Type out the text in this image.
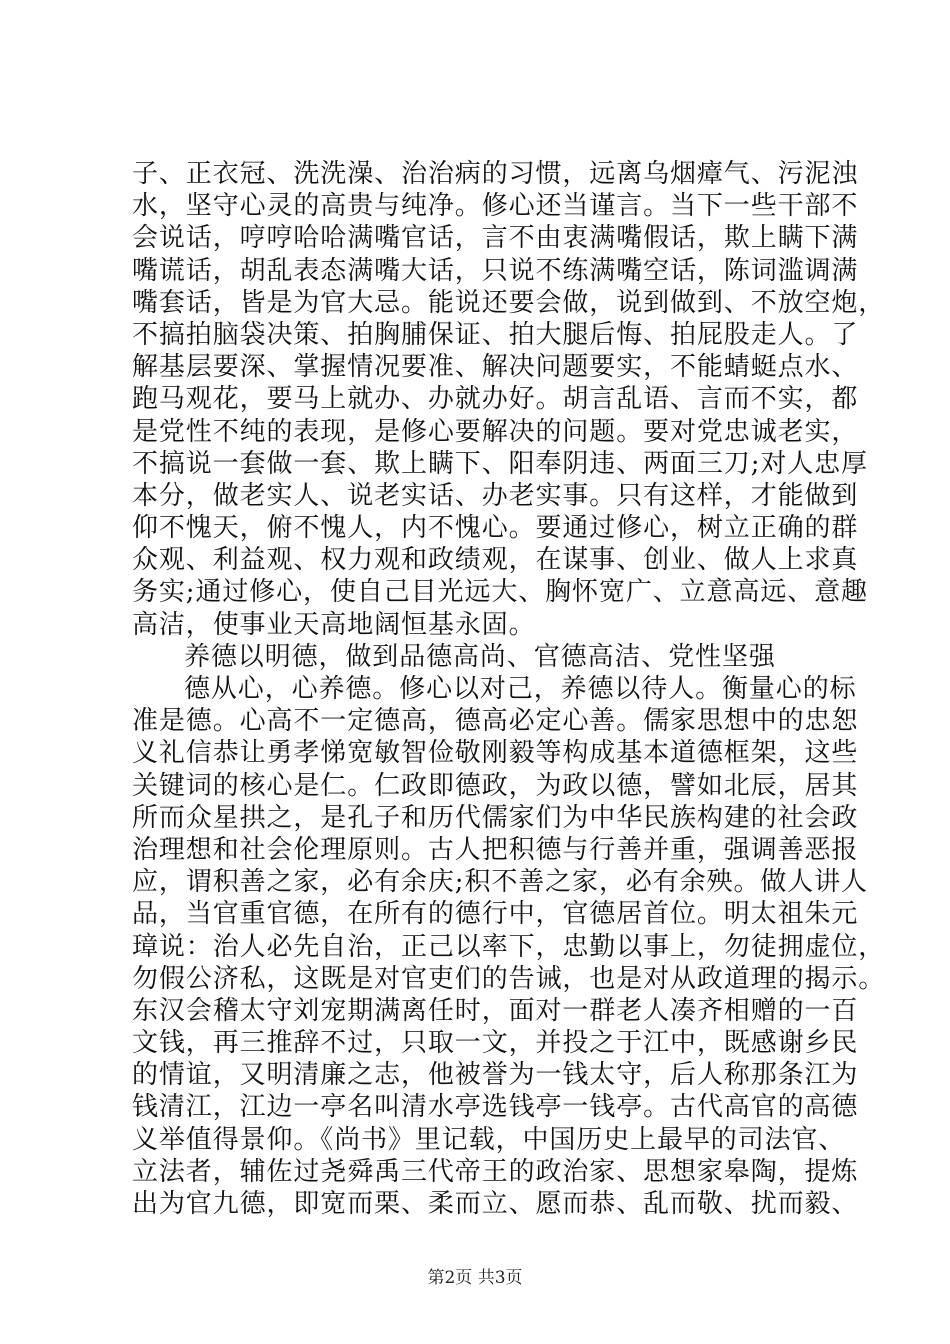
子、正衣冠、洗洗澡、治治病的习惯，远离乌烟瘴气、污泥浊
水，坚守心灵的高贵与纯净。修心还当谨言。当下一些干部不
会说话，哼哼哈哈满嘴官话，言不由衷满嘴假话，欺上瞒下满
嘴谎话，胡乱表态满嘴大话，只说不练满嘴空话，陈词滥调满
嘴套话，皆是为官大忌。能说还要会做，说到做到、不放空炮，
不搞拍脑袋决策、拍胸脯保证、拍大腿后悔、拍屁股走人。了
解基层要深、掌握情况要准、解决问题要实，不能蜻蜓点水、
跑马观花，要马上就办、办就办好。胡言乱语、言而不实，都
是党性不纯的表现，是修心要解决的问题。要对党忠诚老实，
不搞说一套做一套、欺上瞒下、阳奉阴违、两面三刀;对人忠厚
本分，做老实人、说老实话、办老实事。只有这样，才能做到
仰不愧天，俯不愧人，内不愧心。要通过修心，树立正确的群
众观、利益观、权力观和政绩观，在谋事、创业、做人上求真
务实;通过修心，使自己目光远大、胸怀宽广、立意高远、意趣
高洁，使事业天高地阔恒基永固。
养德以明德，做到品德高尚、官德高洁、党性坚强
德从心，心养德。修心以对己，养德以待人。衡量心的标
准是德。心高不一定德高，德高必定心善。儒家思想中的忠恕
义礼信恭让勇孝悌宽敏智俭敬刚毅等构成基本道德框架，这些
关键词的核心是仁。仁政即德政，为政以德，譬如北辰，居其
所而众星拱之，是孔子和历代儒家们为中华民族构建的社会政
治理想和社会伦理原则。古人把积德与行善并重，强调善恶报
应，谓积善之家，必有余庆;积不善之家，必有余殃。做人讲人
品，当官重官德，在所有的德行中，官德居首位。明太祖朱元
璋说：治人必先自治，正己以率下，忠勤以事上，勿徒拥虚位，
勿假公济私，这既是对官吏们的告诫，也是对从政道理的揭示。
东汉会稽太守刘宠期满离任时，面对一群老人凑齐相赠的一百
文钱，再三推辞不过，只取一文，并投之于江中，既感谢乡民
的情谊，又明清廉之志，他被誉为一钱太守，后人称那条江为
钱清江，江边一亭名叫清水亭选钱亭一钱亭。古代高官的高德
义举值得景仰。《尚书》里记载，中国历史上最早的司法官、
立法者，辅佐过尧舜禹三代帝王的政治家、思想家皋陶，提炼
出为官九德，即宽而栗、柔而立、愿而恭、乱而敬、扰而毅、
第2页 共3页
